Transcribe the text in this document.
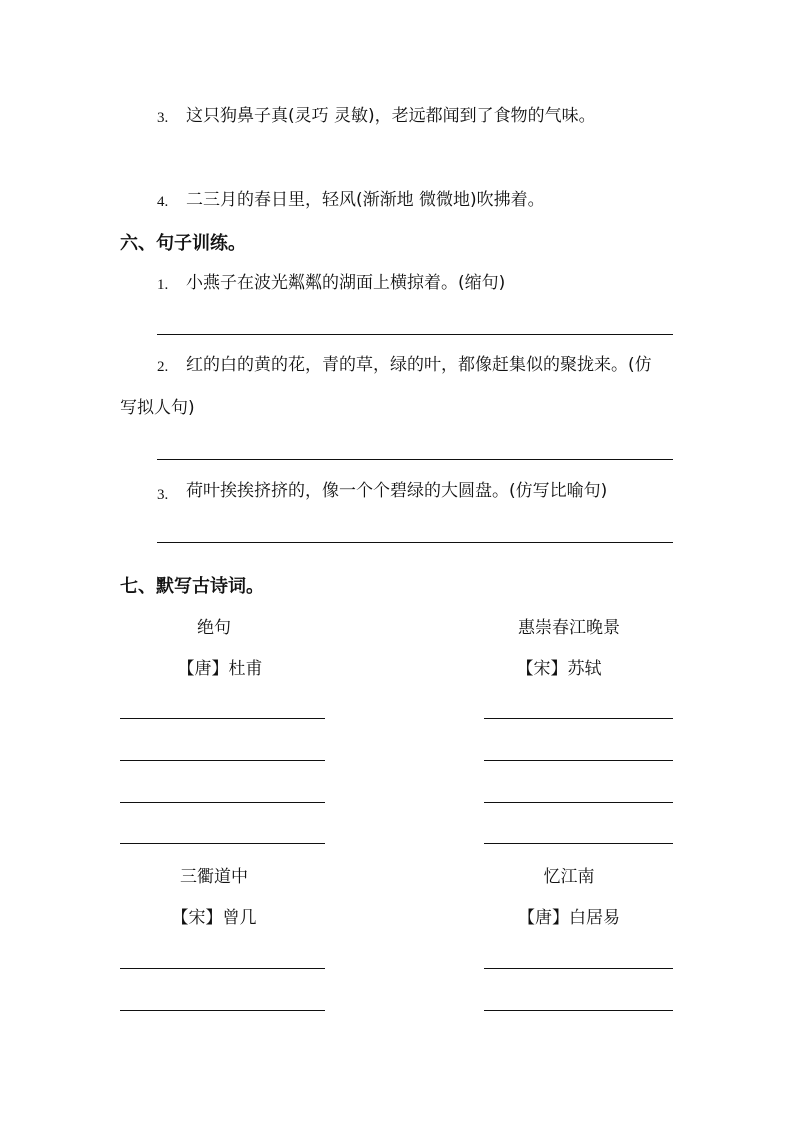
3. 这只狗鼻子真(灵巧 灵敏)，老远都闻到了食物的气味。
4. 二三月的春日里，轻风(渐渐地 微微地)吹拂着。
六、句子训练。
1. 小燕子在波光粼粼的湖面上横掠着。(缩句)
2. 红的白的黄的花，青的草，绿的叶，都像赶集似的聚拢来。(仿
写拟人句)
3. 荷叶挨挨挤挤的，像一个个碧绿的大圆盘。(仿写比喻句)
七、默写古诗词。
绝句
【唐】杜甫
惠崇春江晚景
【宋】苏轼
三衢道中
【宋】曾几
忆江南
【唐】白居易
